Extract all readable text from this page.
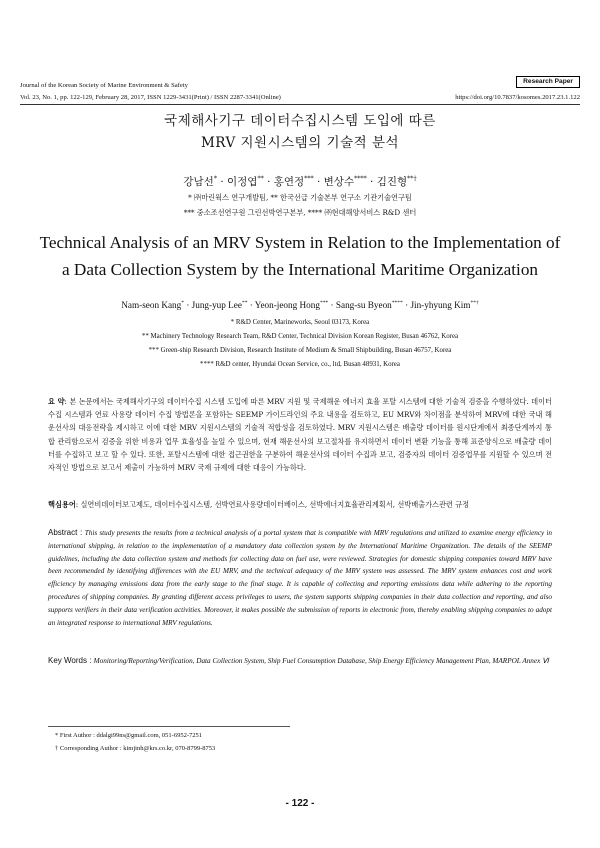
Journal of the Korean Society of Marine Environment & Safety
Research Paper
Vol. 23, No. 1, pp. 122-129, February 28, 2017, ISSN 1229-3431(Print) / ISSN 2287-3341(Online)	https://doi.org/10.7837/kosomes.2017.23.1.122
국제해사기구 데이터수집시스템 도입에 따른
MRV 지원시스템의 기술적 분석
강남선* · 이정엽** · 홍연정*** · 변상수**** · 김진형**†
* ㈜마린웍스 연구개발팀, ** 한국선급 기술본부 연구소 기관기술연구팀
*** 중소조선연구원 그린선박연구본부, **** ㈜현대해양서비스 R&D 센터
Technical Analysis of an MRV System in Relation to the Implementation of
a Data Collection System by the International Maritime Organization
Nam-seon Kang* · Jung-yup Lee** · Yeon-jeong Hong*** · Sang-su Byeon**** · Jin-yhyung Kim**†
* R&D Center, Marineworks, Seoul 03173, Korea
** Machinery Technology Research Team, R&D Center, Technical Division Korean Register, Busan 46762, Korea
*** Green-ship Research Division, Research Institute of Medium & Small Shipbuilding, Busan 46757, Korea
**** R&D center, Hyundai Ocean Service, co., ltd, Busan 48931, Korea
요 약: 본 논문에서는 국제해사기구의 데이터수집 시스템 도입에 따른 MRV 지원 및 국제해운 에너지 효율 포탈 시스템에 대한 기술적 검증을 수행하였다. 데이터 수집 시스템과 연료 사용량 데이터 수집 방법론을 포함하는 SEEMP 가이드라인의 주요 내용을 검토하고, EU MRV와 차이점을 분석하여 MRV에 대한 국내 해운선사의 대응전략을 제시하고 이에 대한 MRV 지원시스템의 기술적 적합성을 검토하였다. MRV 지원시스템은 배출량 데이터를 원시단계에서 최종단계까지 통합 관리함으로서 검증을 위한 비용과 업무 효율성을 높일 수 있으며, 현재 해운선사의 보고절차를 유지하면서 데이터 변환 기능을 통해 표준양식으로 배출량 데이터를 수집하고 보고 할 수 있다. 또한, 포탈시스템에 대한 접근권한을 구분하여 해운선사의 데이터 수집과 보고, 검증자의 데이터 검증업무를 지원할 수 있으며 전자적인 방법으로 보고서 제출이 가능하여 MRV 국제 규제에 대한 대응이 가능하다.
핵심용어: 실연비데이터보고제도, 데이터수집시스템, 선박연료사용량데이터베이스, 선박에너지효율관리계획서, 선박배출가스관련 규정
Abstract : This study presents the results from a technical analysis of a portal system that is compatible with MRV regulations and utilized to examine energy efficiency in international shipping, in relation to the implementation of a mandatory data collection system by the International Maritime Organization. The details of the SEEMP guidelines, including the data collection system and methods for collecting data on fuel use, were reviewed. Strategies for domestic shipping companies toward MRV have been recommended by identifying differences with the EU MRV, and the technical adequacy of the MRV system was assessed. The MRV system enhances cost and work efficiency by managing emissions data from the early stage to the final stage. It is capable of collecting and reporting emissions data while adhering to the reporting procedures of shipping companies. By granting different access privileges to users, the system supports shipping companies in their data collection and reporting, and also supports verifiers in their data verification activities. Moreover, it makes possible the submission of reports in electronic from, thereby enabling shipping companies to adopt an integrated response to international MRV regulations.
Key Words : Monitoring/Reporting/Verification, Data Collection System, Ship Fuel Consumption Database, Ship Energy Efficiency Management Plan, MARPOL Annex Ⅵ
* First Author : ddalgi99ns@gmail.com, 051-6952-7251
† Corresponding Author : kimjinh@krs.co.kr, 070-8799-8753
- 122 -
